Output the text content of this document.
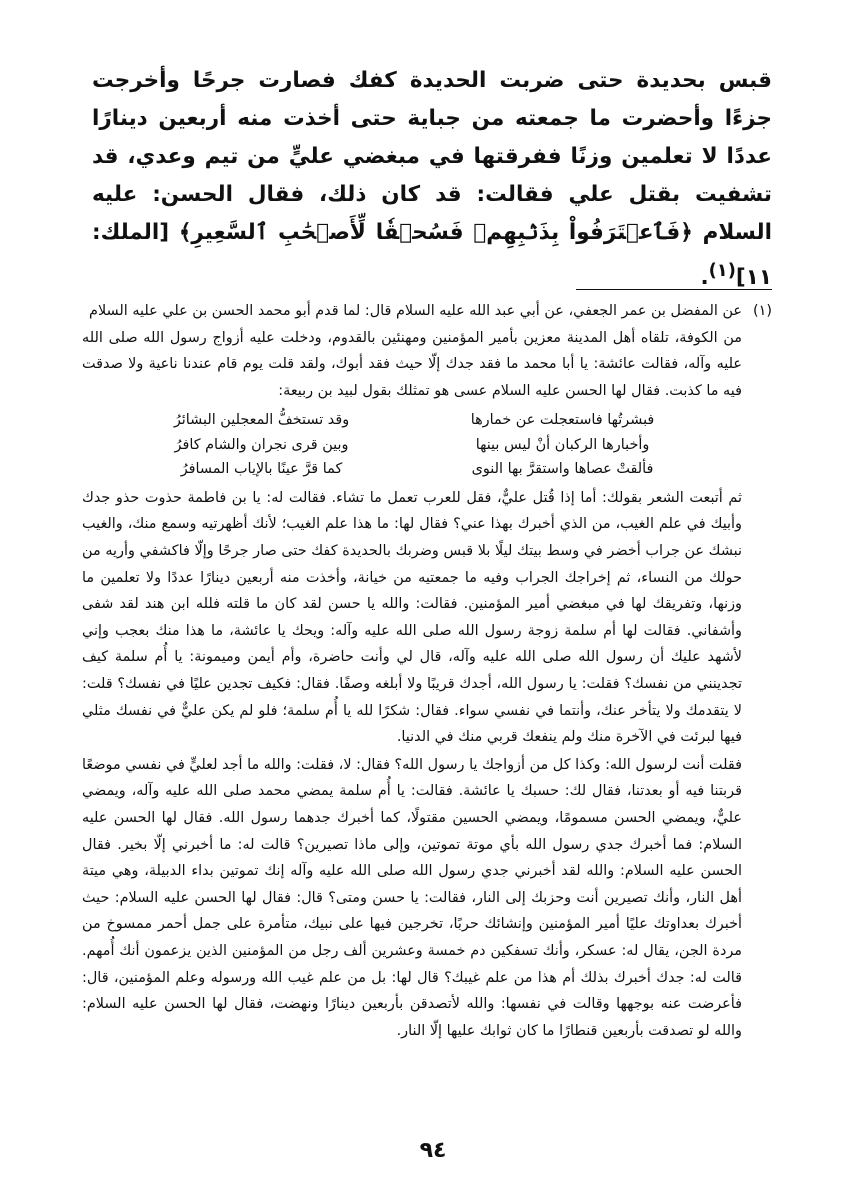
قبس بحديدة حتى ضربت الحديدة كفك فصارت جرحًا وأخرجت جزءًا وأحضرت ما جمعته من جباية حتى أخذت منه أربعين دينارًا عددًا لا تعلمين وزنًا ففرقتها في مبغضي عليٍّ من تيم وعدي، قد تشفيت بقتل علي فقالت: قد كان ذلك، فقال الحسن: عليه السلام ﴿فَٱعۡتَرَفُواْ بِذَنۢبِهِمۡ فَسُحۡقٗا لِّأَصۡحَٰبِ ٱلسَّعِيرِ﴾ [الملك: ١١]$^{(١)}$.
(١)عن المفضل بن عمر الجعفي، عن أبي عبد الله عليه السلام قال: لما قدم أبو محمد الحسن بن علي عليه السلام
من الكوفة، تلقاه أهل المدينة معزين بأمير المؤمنين ومهنئين بالقدوم، ودخلت عليه أزواج رسول الله صلى الله عليه وآله، فقالت عائشة: يا أبا محمد ما فقد جدك إلّا حيث فقد أبوك، ولقد قلت يوم قام عندنا ناعية ولا صدقت فيه ما كذبت. فقال لها الحسن عليه السلام عسى هو تمثلك بقول لبيد بن ربيعة:
فبشرتُها فاستعجلت عن خمارها
وقد تستخفُّ المعجلين البشائرُ
وأخبارها الركبان أنْ ليس بينها
وبين قرى نجران والشام كافرُ
فألقتْ عصاها واستقرَّ بها النوى
كما قرَّ عينًا بالإياب المسافرُ
ثم أتبعت الشعر بقولك: أما إذا قُتل عليٌّ، فقل للعرب تعمل ما تشاء. فقالت له: يا بن فاطمة حذوت حذو جدك وأبيك في علم الغيب، من الذي أخبرك بهذا عني؟ فقال لها: ما هذا علم الغيب؛ لأنك أظهرتيه وسمع منك، والغيب نبشك عن جراب أخضر في وسط بيتك ليلًا بلا قبس وضربك بالحديدة كفك حتى صار جرحًا وإلّا فاكشفي وأريه من حولك من النساء، ثم إخراجك الجراب وفيه ما جمعتيه من خيانة، وأخذت منه أربعين دينارًا عددًا ولا تعلمين ما وزنها، وتفريقك لها في مبغضي أمير المؤمنين. فقالت: والله يا حسن لقد كان ما قلته فلله ابن هند لقد شفى وأشفاني. فقالت لها أم سلمة زوجة رسول الله صلى الله عليه وآله: ويحك يا عائشة، ما هذا منك بعجب وإني لأشهد عليك أن رسول الله صلى الله عليه وآله، قال لي وأنت حاضرة، وأم أيمن وميمونة: يا أُم سلمة كيف تجدينني من نفسك؟ فقلت: يا رسول الله، أجدك قريبًا ولا أبلغه وصفًا. فقال: فكيف تجدين عليًا في نفسك؟ قلت: لا يتقدمك ولا يتأخر عنك، وأنتما في نفسي سواء. فقال: شكرًا لله يا أُم سلمة؛ فلو لم يكن عليٌّ في نفسك مثلي فيها لبرئت في الآخرة منك ولم ينفعك قربي منك في الدنيا.
فقلت أنت لرسول الله: وكذا كل من أزواجك يا رسول الله؟ فقال: لا، فقلت: والله ما أجد لعليٍّ في نفسي موضعًا قربتنا فيه أو بعدتنا، فقال لك: حسبك يا عائشة. فقالت: يا أُم سلمة يمضي محمد صلى الله عليه وآله، ويمضي عليٌّ، ويمضي الحسن مسمومًا، ويمضي الحسين مقتولًا، كما أخبرك جدهما رسول الله. فقال لها الحسن عليه السلام: فما أخبرك جدي رسول الله بأي موتة تموتين، وإلى ماذا تصيرين؟ قالت له: ما أخبرني إلّا بخير. فقال الحسن عليه السلام: والله لقد أخبرني جدي رسول الله صلى الله عليه وآله إنك تموتين بداء الدبيلة، وهي ميتة أهل النار، وأنك تصيرين أنت وحزبك إلى النار، فقالت: يا حسن ومتى؟ قال: فقال لها الحسن عليه السلام: حيث أخبرك بعداوتك عليًا أمير المؤمنين وإنشائك حربًا، تخرجين فيها على نبيك، متأمرة على جمل أحمر ممسوخ من مردة الجن، يقال له: عسكر، وأنك تسفكين دم خمسة وعشرين ألف رجل من المؤمنين الذين يزعمون أنك أُمهم. قالت له: جدك أخبرك بذلك أم هذا من علم غيبك؟ قال لها: بل من علم غيب الله ورسوله وعلم المؤمنين، قال: فأعرضت عنه بوجهها وقالت في نفسها: والله لأتصدقن بأربعين دينارًا ونهضت، فقال لها الحسن عليه السلام: والله لو تصدقت بأربعين قنطارًا ما كان ثوابك عليها إلّا النار.
٩٤
